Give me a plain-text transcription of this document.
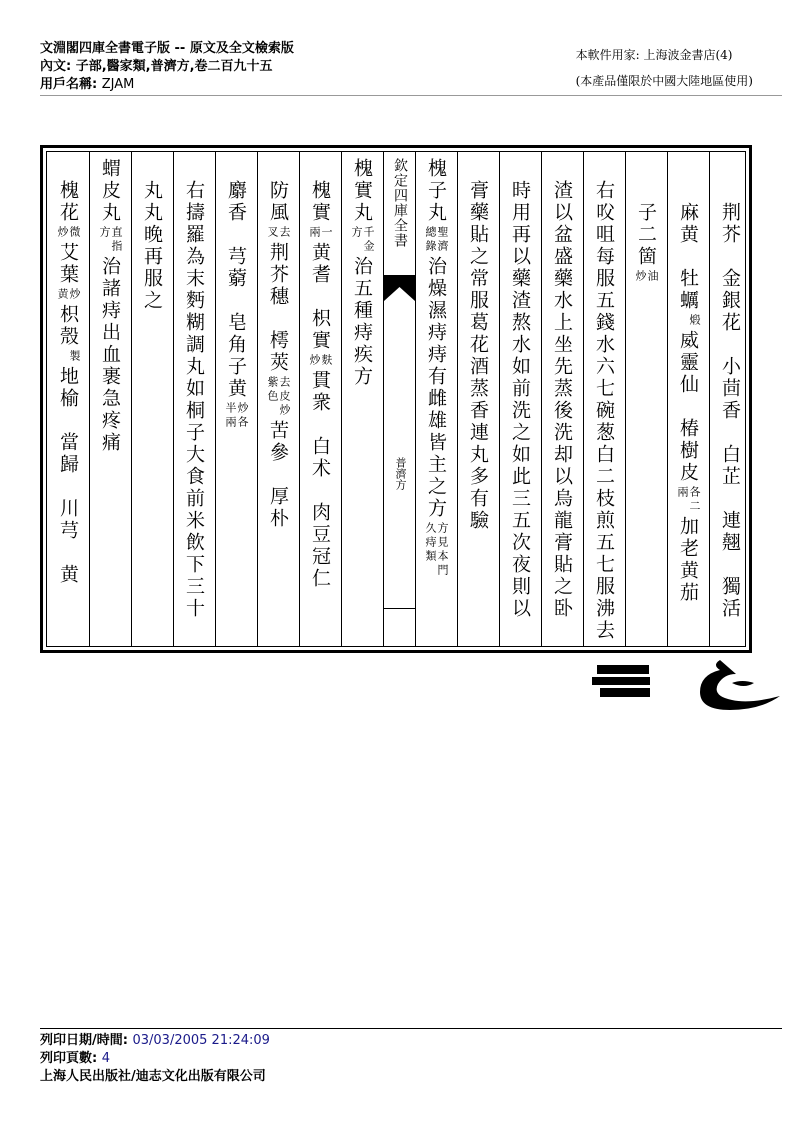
文淵閣四庫全書電子版 -- 原文及全文檢索版
內文: 子部,醫家類,普濟方,卷二百九十五
用戶名稱: ZJAM
本軟件用家: 上海波金書店(4)
(本產品僅限於中國大陸地區使用)
欽定四庫全書
普濟方	荆芥　金銀花　小茴香　白芷　連翹　獨活
麻黄　牡蠣
煅
威靈仙　椿樹皮
各二
兩
加老黄茄
子二箇
油
炒
右㕮咀每服五錢水六七碗葱白二枝煎五七服沸去
渣以盆盛藥水上坐先蒸後洗却以烏龍膏貼之卧
時用再以藥渣熬水如前洗之如此三五次夜則以
膏藥貼之常服葛花酒蒸香連丸多有驗
槐子丸
聖濟
總錄
治燥濕痔痔有雌雄皆主之方
方見本門
久痔類
槐實丸
千金
方
治五種痔疾方
槐實
一
兩
黄耆　枳實
麩
炒
貫衆　白术　肉豆冠仁
防風
去
叉
荆芥穗　樗莢
去皮炒
紫色
苦參　厚朴
麝香　芎藭　皂角子黄
炒各
半兩
右擣羅為末麪糊調丸如桐子大食前米飲下三十
丸丸晚再服之
蝟皮丸
直指
方
治諸痔出血裹急疼痛
槐花
微
炒
艾葉
炒
黄
枳殼
製
地榆　當歸　川芎　黄
列印日期/時間: 03/03/2005 21:24:09
列印頁數: 4
上海人民出版社/迪志文化出版有限公司
